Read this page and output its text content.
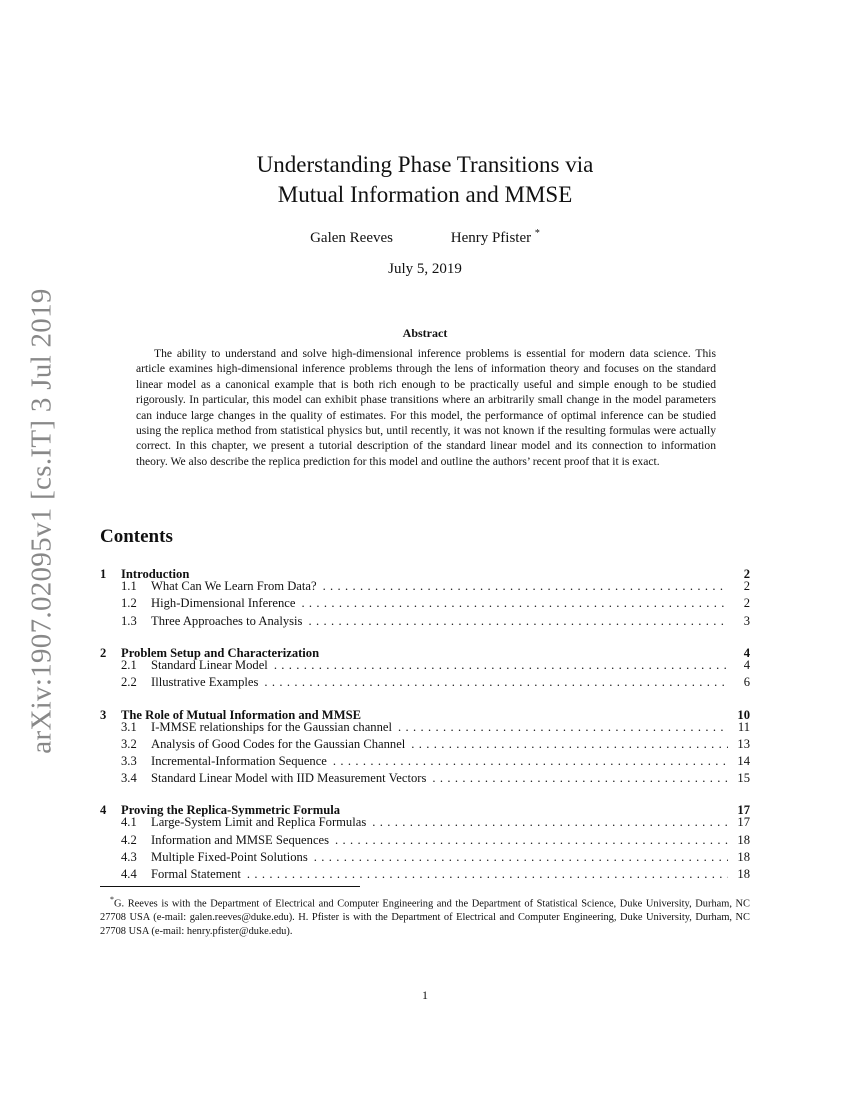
arXiv:1907.02095v1 [cs.IT] 3 Jul 2019
Understanding Phase Transitions via
Mutual Information and MMSE
Galen Reeves	Henry Pfister *
July 5, 2019
Abstract

The ability to understand and solve high-dimensional inference problems is essential for modern data science. This article examines high-dimensional inference problems through the lens of information theory and focuses on the standard linear model as a canonical example that is both rich enough to be practically useful and simple enough to be studied rigorously. In particular, this model can exhibit phase transitions where an arbitrarily small change in the model parameters can induce large changes in the quality of estimates. For this model, the performance of optimal inference can be studied using the replica method from statistical physics but, until recently, it was not known if the resulting formulas were actually correct. In this chapter, we present a tutorial description of the standard linear model and its connection to information theory. We also describe the replica prediction for this model and outline the authors’ recent proof that it is exact.

Contents
1	Introduction	2
1.1	What Can We Learn From Data? . . .	2
1.2	High-Dimensional Inference . . .	2
1.3	Three Approaches to Analysis . . .	3
2	Problem Setup and Characterization	4
2.1	Standard Linear Model . . .	4
2.2	Illustrative Examples . . .	6
3	The Role of Mutual Information and MMSE	10
3.1	I-MMSE relationships for the Gaussian channel . . .	11
3.2	Analysis of Good Codes for the Gaussian Channel . . .	13
3.3	Incremental-Information Sequence . . .	14
3.4	Standard Linear Model with IID Measurement Vectors . . .	15
4	Proving the Replica-Symmetric Formula	17
4.1	Large-System Limit and Replica Formulas . . .	17
4.2	Information and MMSE Sequences . . .	18
4.3	Multiple Fixed-Point Solutions . . .	18
4.4	Formal Statement . . .	18

*G. Reeves is with the Department of Electrical and Computer Engineering and the Department of Statistical Science, Duke University, Durham, NC 27708 USA (e-mail: galen.reeves@duke.edu). H. Pfister is with the Department of Electrical and Computer Engineering, Duke University, Durham, NC 27708 USA (e-mail: henry.pfister@duke.edu).

1
